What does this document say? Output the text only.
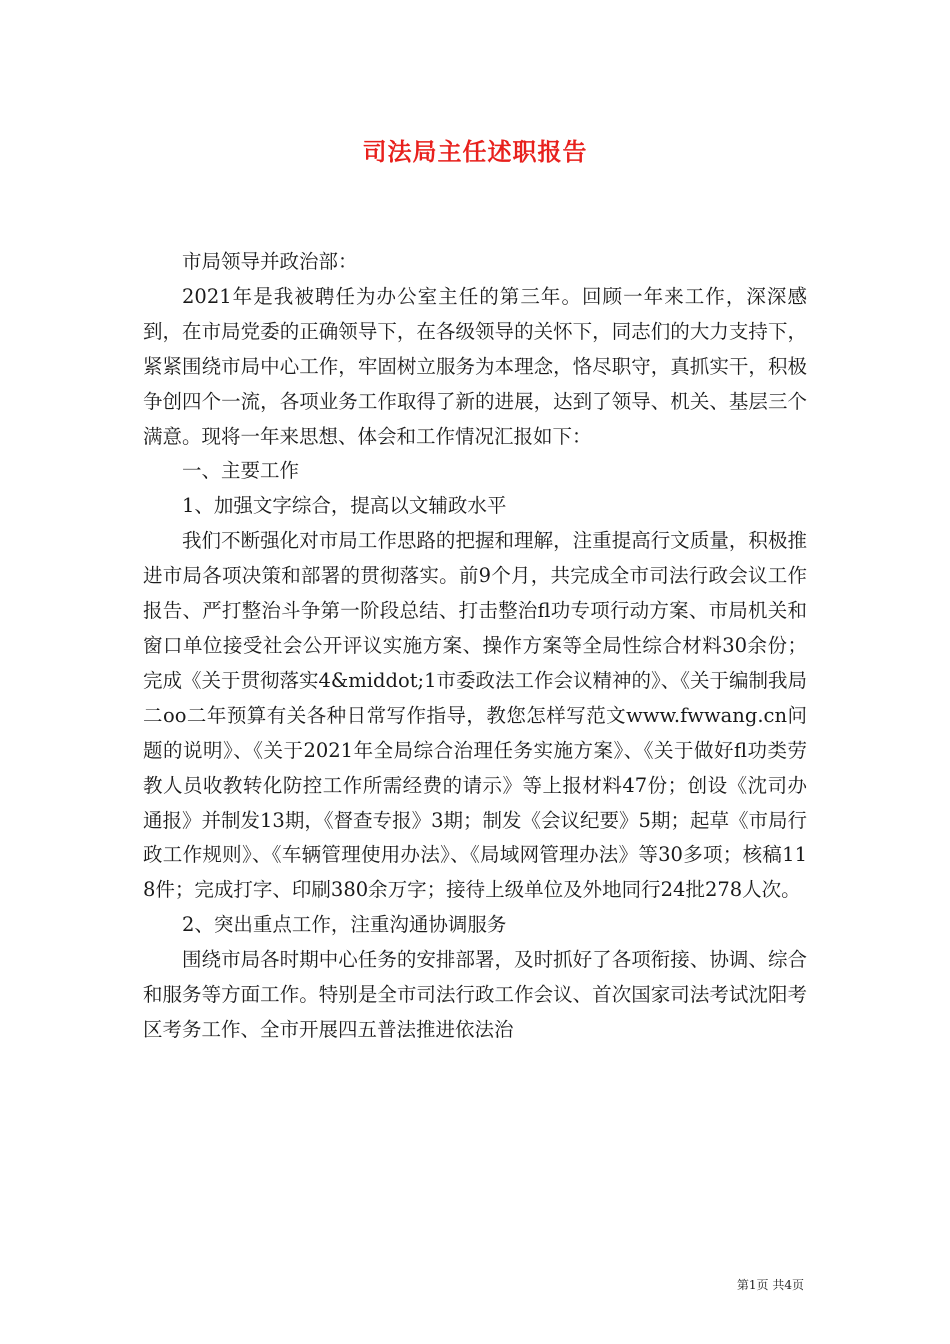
司法局主任述职报告

市局领导并政治部：

2021年是我被聘任为办公室主任的第三年。回顾一年来工作，深深感到，在市局党委的正确领导下，在各级领导的关怀下，同志们的大力支持下，紧紧围绕市局中心工作，牢固树立服务为本理念，恪尽职守，真抓实干，积极争创四个一流，各项业务工作取得了新的进展，达到了领导、机关、基层三个满意。现将一年来思想、体会和工作情况汇报如下：

一、主要工作

1、加强文字综合，提高以文辅政水平

我们不断强化对市局工作思路的把握和理解，注重提高行文质量，积极推进市局各项决策和部署的贯彻落实。前9个月，共完成全市司法行政会议工作报告、严打整治斗争第一阶段总结、打击整治fl功专项行动方案、市局机关和窗口单位接受社会公开评议实施方案、操作方案等全局性综合材料30余份；完成《关于贯彻落实4&middot;1市委政法工作会议精神的》、《关于编制我局二oo二年预算有关各种日常写作指导，教您怎样写范文www.fwwang.cn问题的说明》、《关于2021年全局综合治理任务实施方案》、《关于做好fl功类劳教人员收教转化防控工作所需经费的请示》等上报材料47份；创设《沈司办通报》并制发13期，《督查专报》3期；制发《会议纪要》5期；起草《市局行政工作规则》、《车辆管理使用办法》、《局域网管理办法》等30多项；核稿118件；完成打字、印刷380余万字；接待上级单位及外地同行24批278人次。

2、突出重点工作，注重沟通协调服务

围绕市局各时期中心任务的安排部署，及时抓好了各项衔接、协调、综合和服务等方面工作。特别是全市司法行政工作会议、首次国家司法考试沈阳考区考务工作、全市开展四五普法推进依法治

第1页 共4页
